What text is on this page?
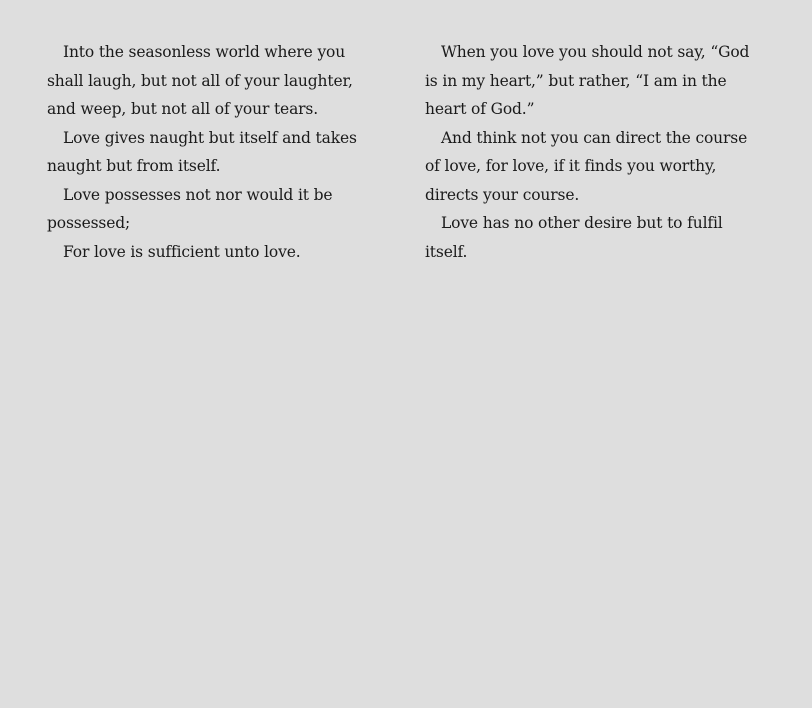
Into the seasonless world where you shall laugh, but not all of your laughter, and weep, but not all of your tears.

Love gives naught but itself and takes naught but from itself.

Love possesses not nor would it be possessed;

For love is sufficient unto love.

When you love you should not say, “God is in my heart,” but rather, “I am in the heart of God.”

And think not you can direct the course of love, for love, if it finds you worthy, directs your course.

Love has no other desire but to fulfil itself.
